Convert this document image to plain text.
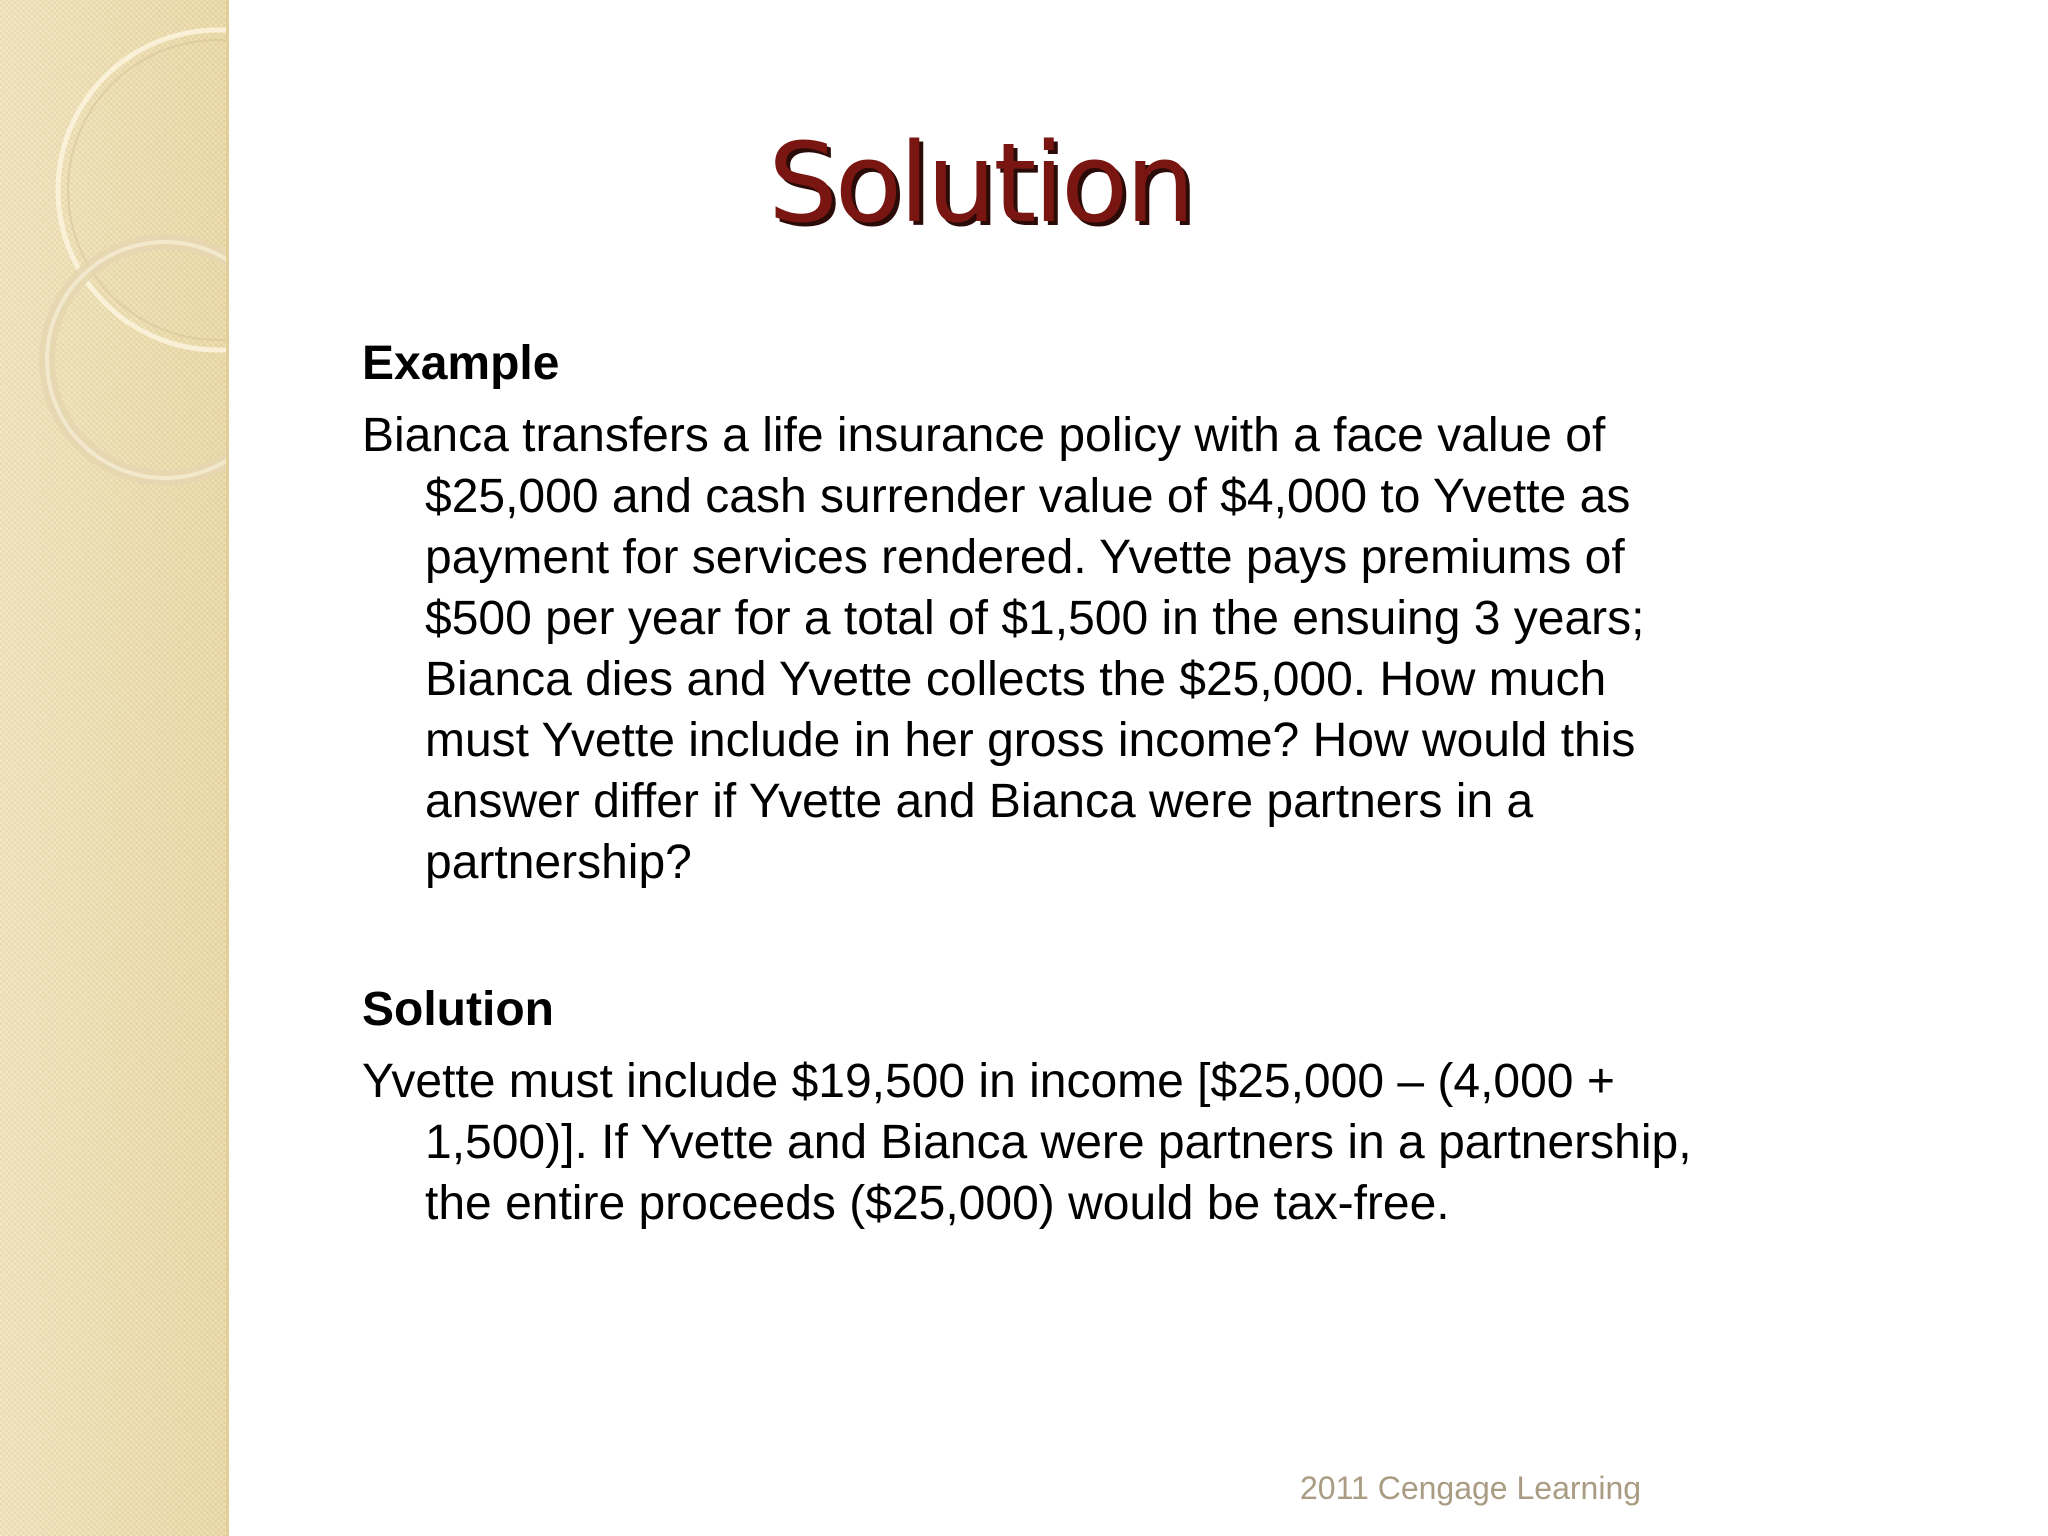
Solution
Example

Bianca transfers a life insurance policy with a face value of
$25,000 and cash surrender value of $4,000 to Yvette as
payment for services rendered. Yvette pays premiums of
$500 per year for a total of $1,500 in the ensuing 3 years;
Bianca dies and Yvette collects the $25,000. How much
must Yvette include in her gross income? How would this
answer differ if Yvette and Bianca were partners in a
partnership?

Solution

Yvette must include $19,500 in income [$25,000 – (4,000 +
1,500)]. If Yvette and Bianca were partners in a partnership,
the entire proceeds ($25,000) would be tax-free.

2011 Cengage Learning
